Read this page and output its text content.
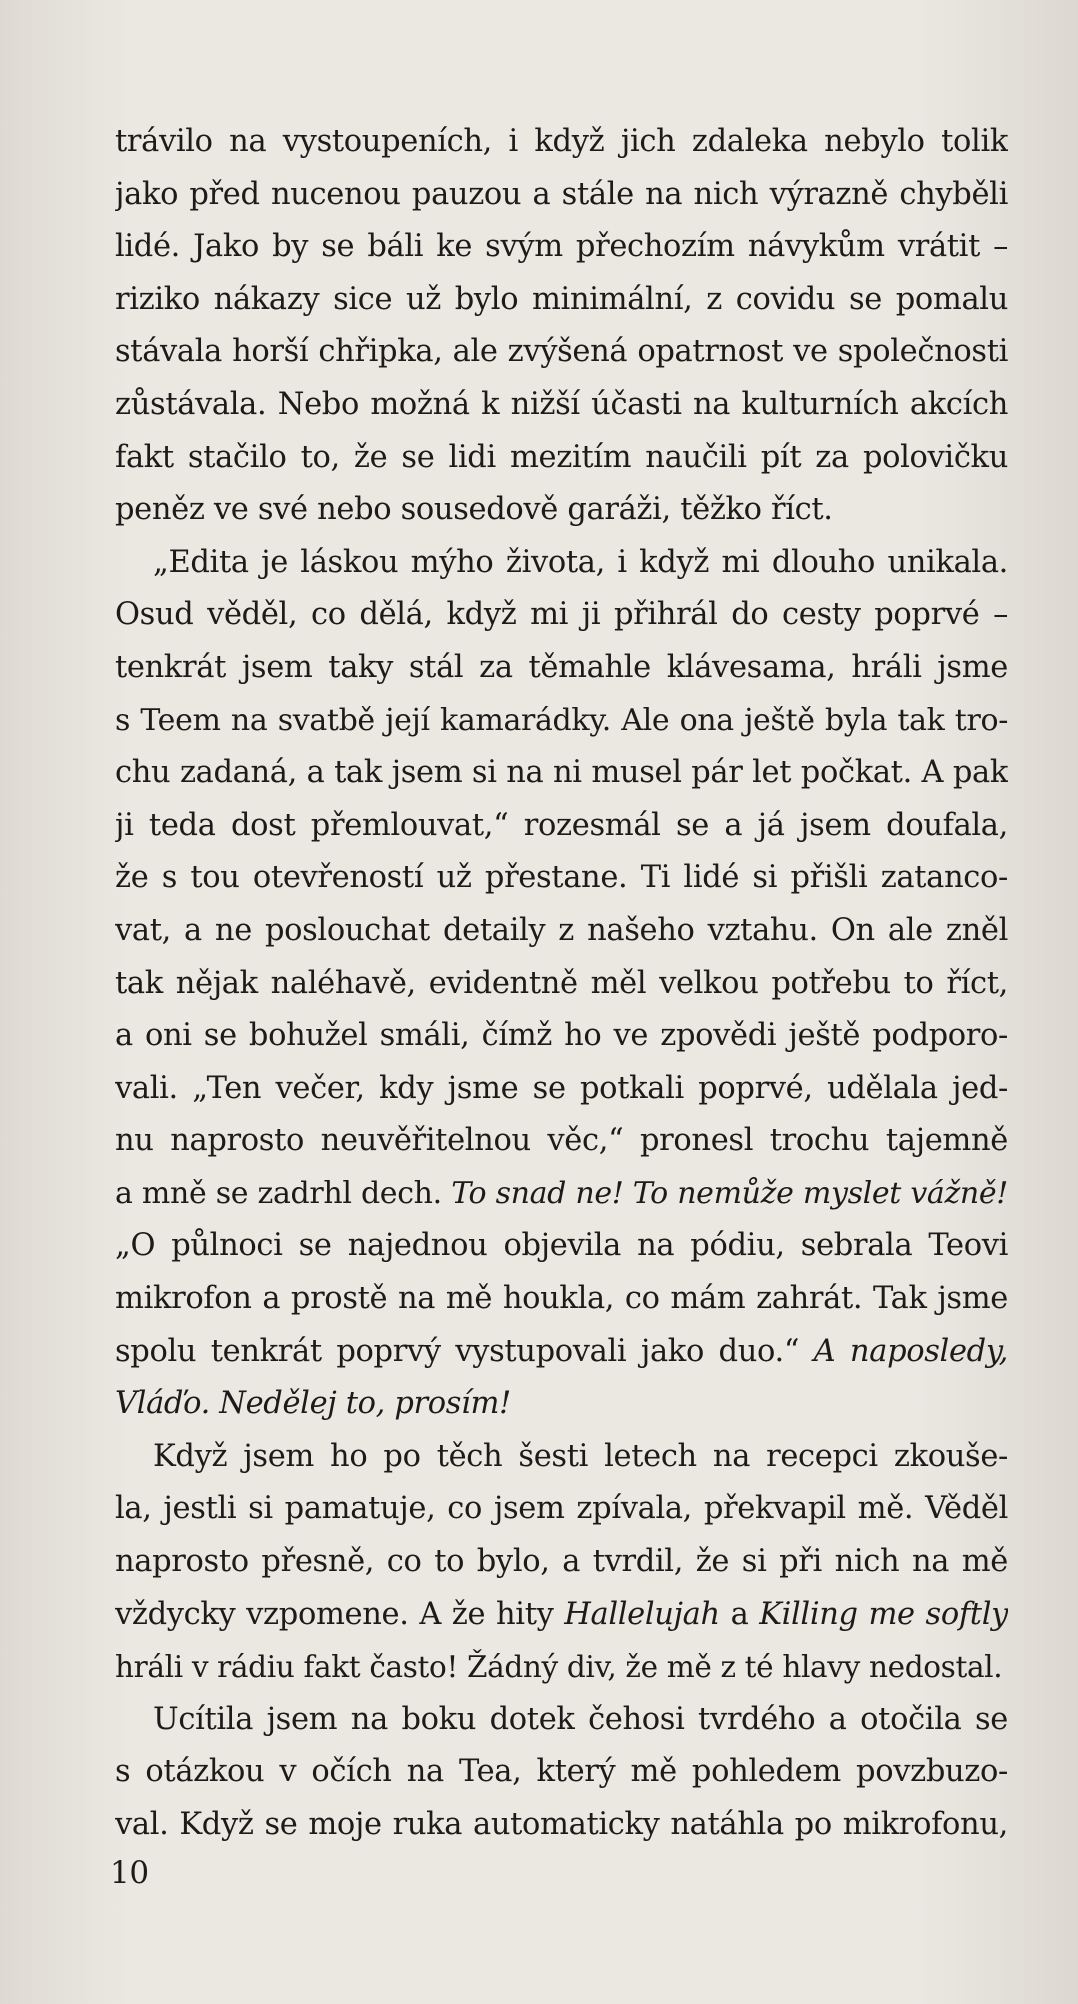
trávilo na vystoupeních, i když jich zdaleka nebylo tolik
jako před nucenou pauzou a stále na nich výrazně chyběli
lidé. Jako by se báli ke svým přechozím návykům vrátit –
riziko nákazy sice už bylo minimální, z covidu se pomalu
stávala horší chřipka, ale zvýšená opatrnost ve společnosti
zůstávala. Nebo možná k nižší účasti na kulturních akcích
fakt stačilo to, že se lidi mezitím naučili pít za polovičku
peněz ve své nebo sousedově garáži, těžko říct.
„Edita je láskou mýho života, i když mi dlouho unikala.
Osud věděl, co dělá, když mi ji přihrál do cesty poprvé –
tenkrát jsem taky stál za těmahle klávesama, hráli jsme
s Teem na svatbě její kamarádky. Ale ona ještě byla tak tro-
chu zadaná, a tak jsem si na ni musel pár let počkat. A pak
ji teda dost přemlouvat,“ rozesmál se a já jsem doufala,
že s tou otevřeností už přestane. Ti lidé si přišli zatanco-
vat, a ne poslouchat detaily z našeho vztahu. On ale zněl
tak nějak naléhavě, evidentně měl velkou potřebu to říct,
a oni se bohužel smáli, čímž ho ve zpovědi ještě podporo-
vali. „Ten večer, kdy jsme se potkali poprvé, udělala jed-
nu naprosto neuvěřitelnou věc,“ pronesl trochu tajemně
a mně se zadrhl dech. To snad ne! To nemůže myslet vážně!
„O půlnoci se najednou objevila na pódiu, sebrala Teovi
mikrofon a prostě na mě houkla, co mám zahrát. Tak jsme
spolu tenkrát poprvý vystupovali jako duo.“ A naposledy,
Vláďo. Nedělej to, prosím!
Když jsem ho po těch šesti letech na recepci zkouše-
la, jestli si pamatuje, co jsem zpívala, překvapil mě. Věděl
naprosto přesně, co to bylo, a tvrdil, že si při nich na mě
vždycky vzpomene. A že hity Hallelujah a Killing me softly
hráli v rádiu fakt často! Žádný div, že mě z té hlavy nedostal.
Ucítila jsem na boku dotek čehosi tvrdého a otočila se
s otázkou v očích na Tea, který mě pohledem povzbuzo-
val. Když se moje ruka automaticky natáhla po mikrofonu,
10
